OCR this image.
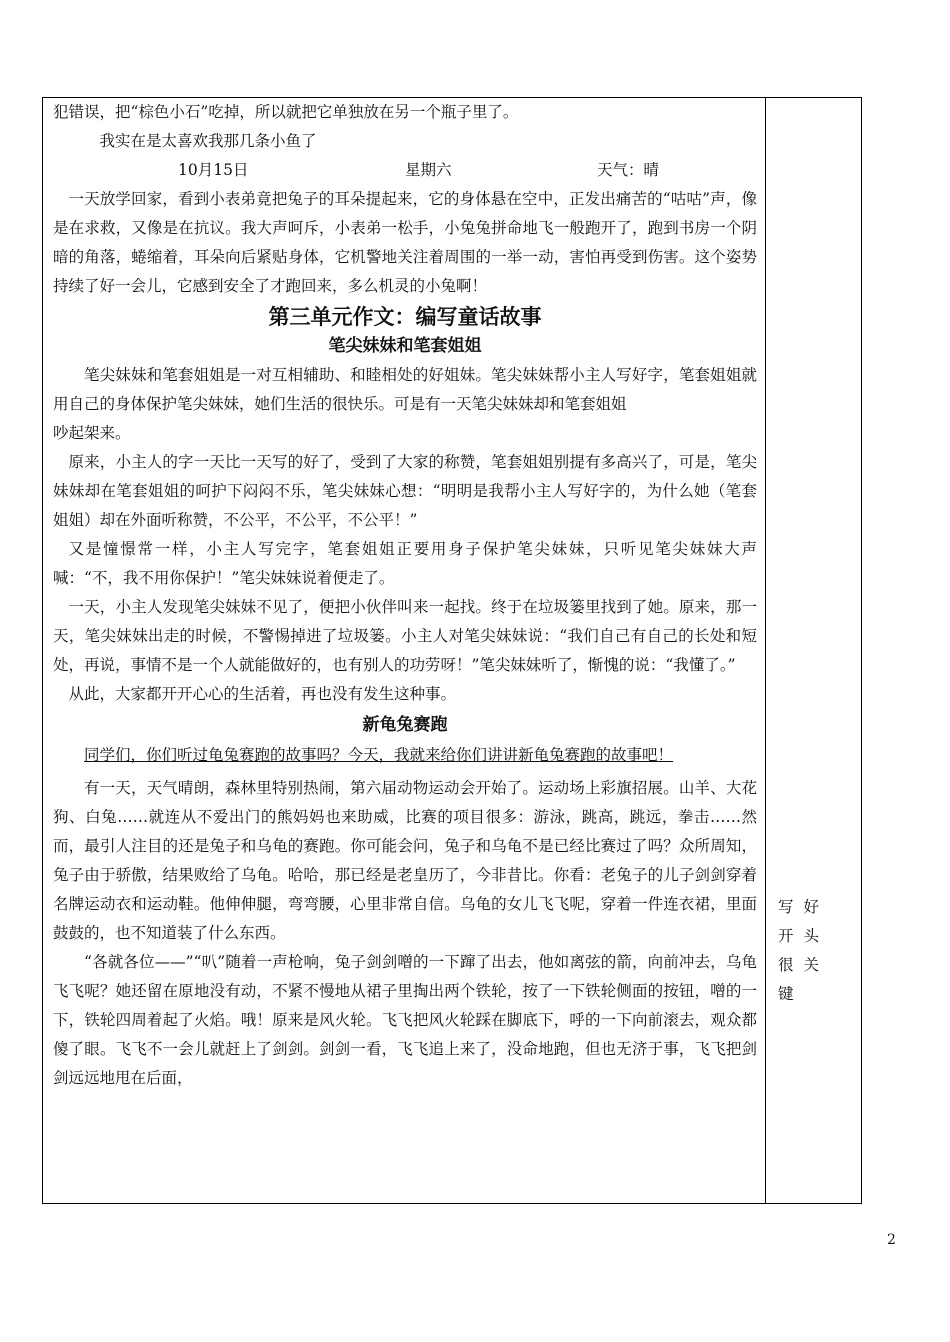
犯错误，把“棕色小石”吃掉，所以就把它单独放在另一个瓶子里了。

我实在是太喜欢我那几条小鱼了

10月15日	星期六	天气：晴

一天放学回家，看到小表弟竟把兔子的耳朵提起来，它的身体悬在空中，正发出痛苦的“咕咕”声，像是在求救，又像是在抗议。我大声呵斥，小表弟一松手，小兔兔拼命地飞一般跑开了，跑到书房一个阴暗的角落，蜷缩着，耳朵向后紧贴身体，它机警地关注着周围的一举一动，害怕再受到伤害。这个姿势持续了好一会儿，它感到安全了才跑回来，多么机灵的小兔啊！

第三单元作文：编写童话故事
笔尖妹妹和笔套姐姐

笔尖妹妹和笔套姐姐是一对互相辅助、和睦相处的好姐妹。笔尖妹妹帮小主人写好字，笔套姐姐就用自己的身体保护笔尖妹妹，她们生活的很快乐。可是有一天笔尖妹妹却和笔套姐姐

吵起架来。

原来，小主人的字一天比一天写的好了，受到了大家的称赞，笔套姐姐别提有多高兴了，可是，笔尖妹妹却在笔套姐姐的呵护下闷闷不乐，笔尖妹妹心想：“明明是我帮小主人写好字的，为什么她（笔套姐姐）却在外面听称赞，不公平，不公平，不公平！”

又是憧憬常一样，小主人写完字，笔套姐姐正要用身子保护笔尖妹妹，只听见笔尖妹妹大声喊：“不，我不用你保护！”笔尖妹妹说着便走了。

一天，小主人发现笔尖妹妹不见了，便把小伙伴叫来一起找。终于在垃圾篓里找到了她。原来，那一天，笔尖妹妹出走的时候，不警惕掉进了垃圾篓。小主人对笔尖妹妹说：“我们自己有自己的长处和短处，再说，事情不是一个人就能做好的，也有别人的功劳呀！”笔尖妹妹听了，惭愧的说：“我懂了。”

从此，大家都开开心心的生活着，再也没有发生这种事。

新龟兔赛跑

同学们，你们听过龟兔赛跑的故事吗？今天，我就来给你们讲讲新龟兔赛跑的故事吧！

有一天，天气晴朗，森林里特别热闹，第六届动物运动会开始了。运动场上彩旗招展。山羊、大花狗、白兔……就连从不爱出门的熊妈妈也来助威，比赛的项目很多：游泳，跳高，跳远，拳击……然而，最引人注目的还是兔子和乌龟的赛跑。你可能会问，兔子和乌龟不是已经比赛过了吗？众所周知，兔子由于骄傲，结果败给了乌龟。哈哈，那已经是老皇历了，今非昔比。你看：老兔子的儿子剑剑穿着名牌运动衣和运动鞋。他伸伸腿，弯弯腰，心里非常自信。乌龟的女儿飞飞呢，穿着一件连衣裙，里面鼓鼓的，也不知道装了什么东西。

“各就各位——”“叭”随着一声枪响，兔子剑剑噌的一下蹿了出去，他如离弦的箭，向前冲去，乌龟飞飞呢？她还留在原地没有动，不紧不慢地从裙子里掏出两个铁轮，按了一下铁轮侧面的按钮，噌的一下，铁轮四周着起了火焰。哦！原来是风火轮。飞飞把风火轮踩在脚底下，呼的一下向前滚去，观众都傻了眼。飞飞不一会儿就赶上了剑剑。剑剑一看，飞飞追上来了，没命地跑，但也无济于事，飞飞把剑剑远远地甩在后面，

写好开头很关键
2
